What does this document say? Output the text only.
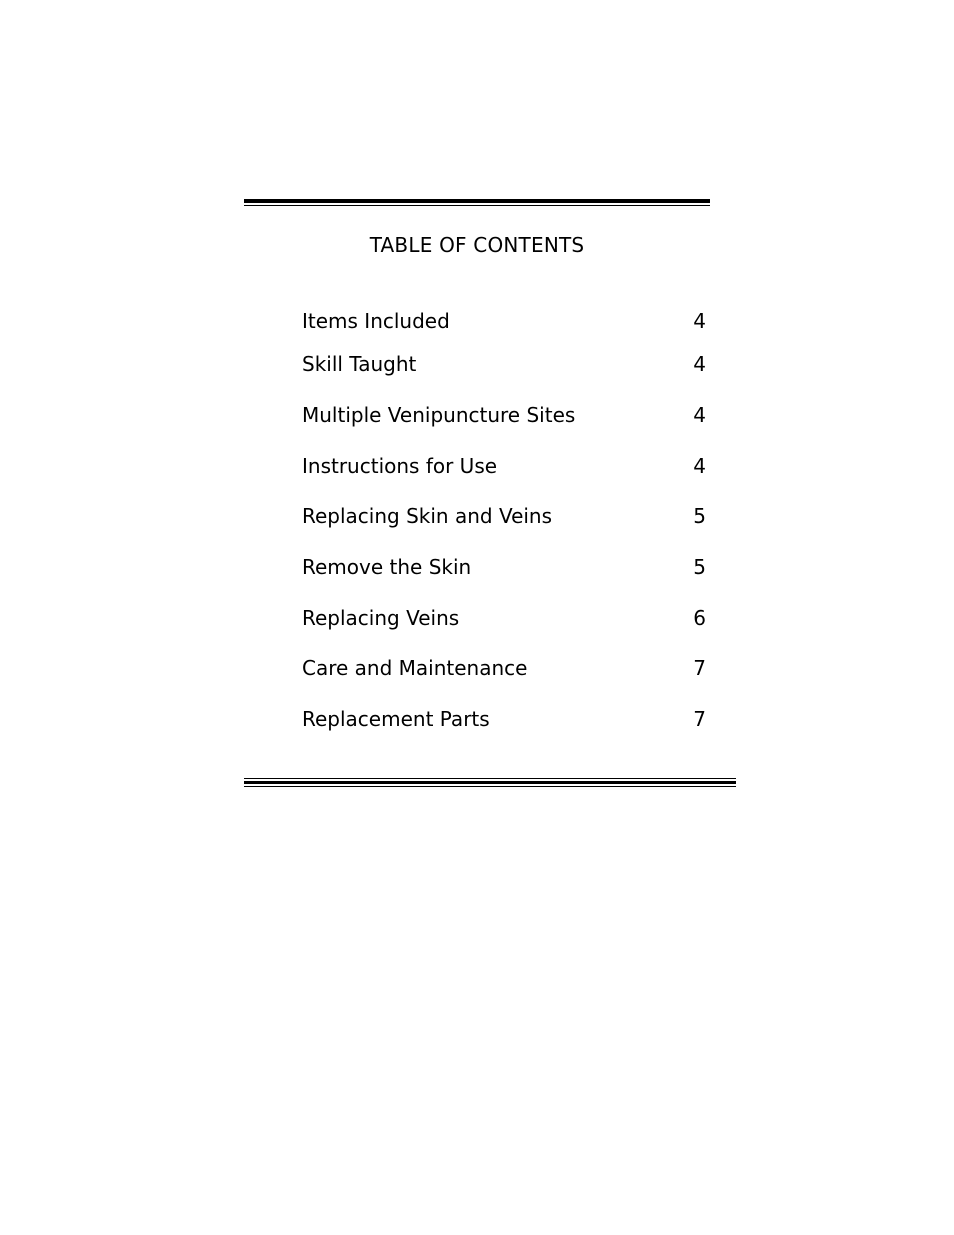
TABLE OF CONTENTS
Items Included	4
Skill Taught	4
Multiple Venipuncture Sites	4
Instructions for Use	4
Replacing Skin and Veins	5
Remove the Skin	5
Replacing Veins	6
Care and Maintenance	7
Replacement Parts	7
